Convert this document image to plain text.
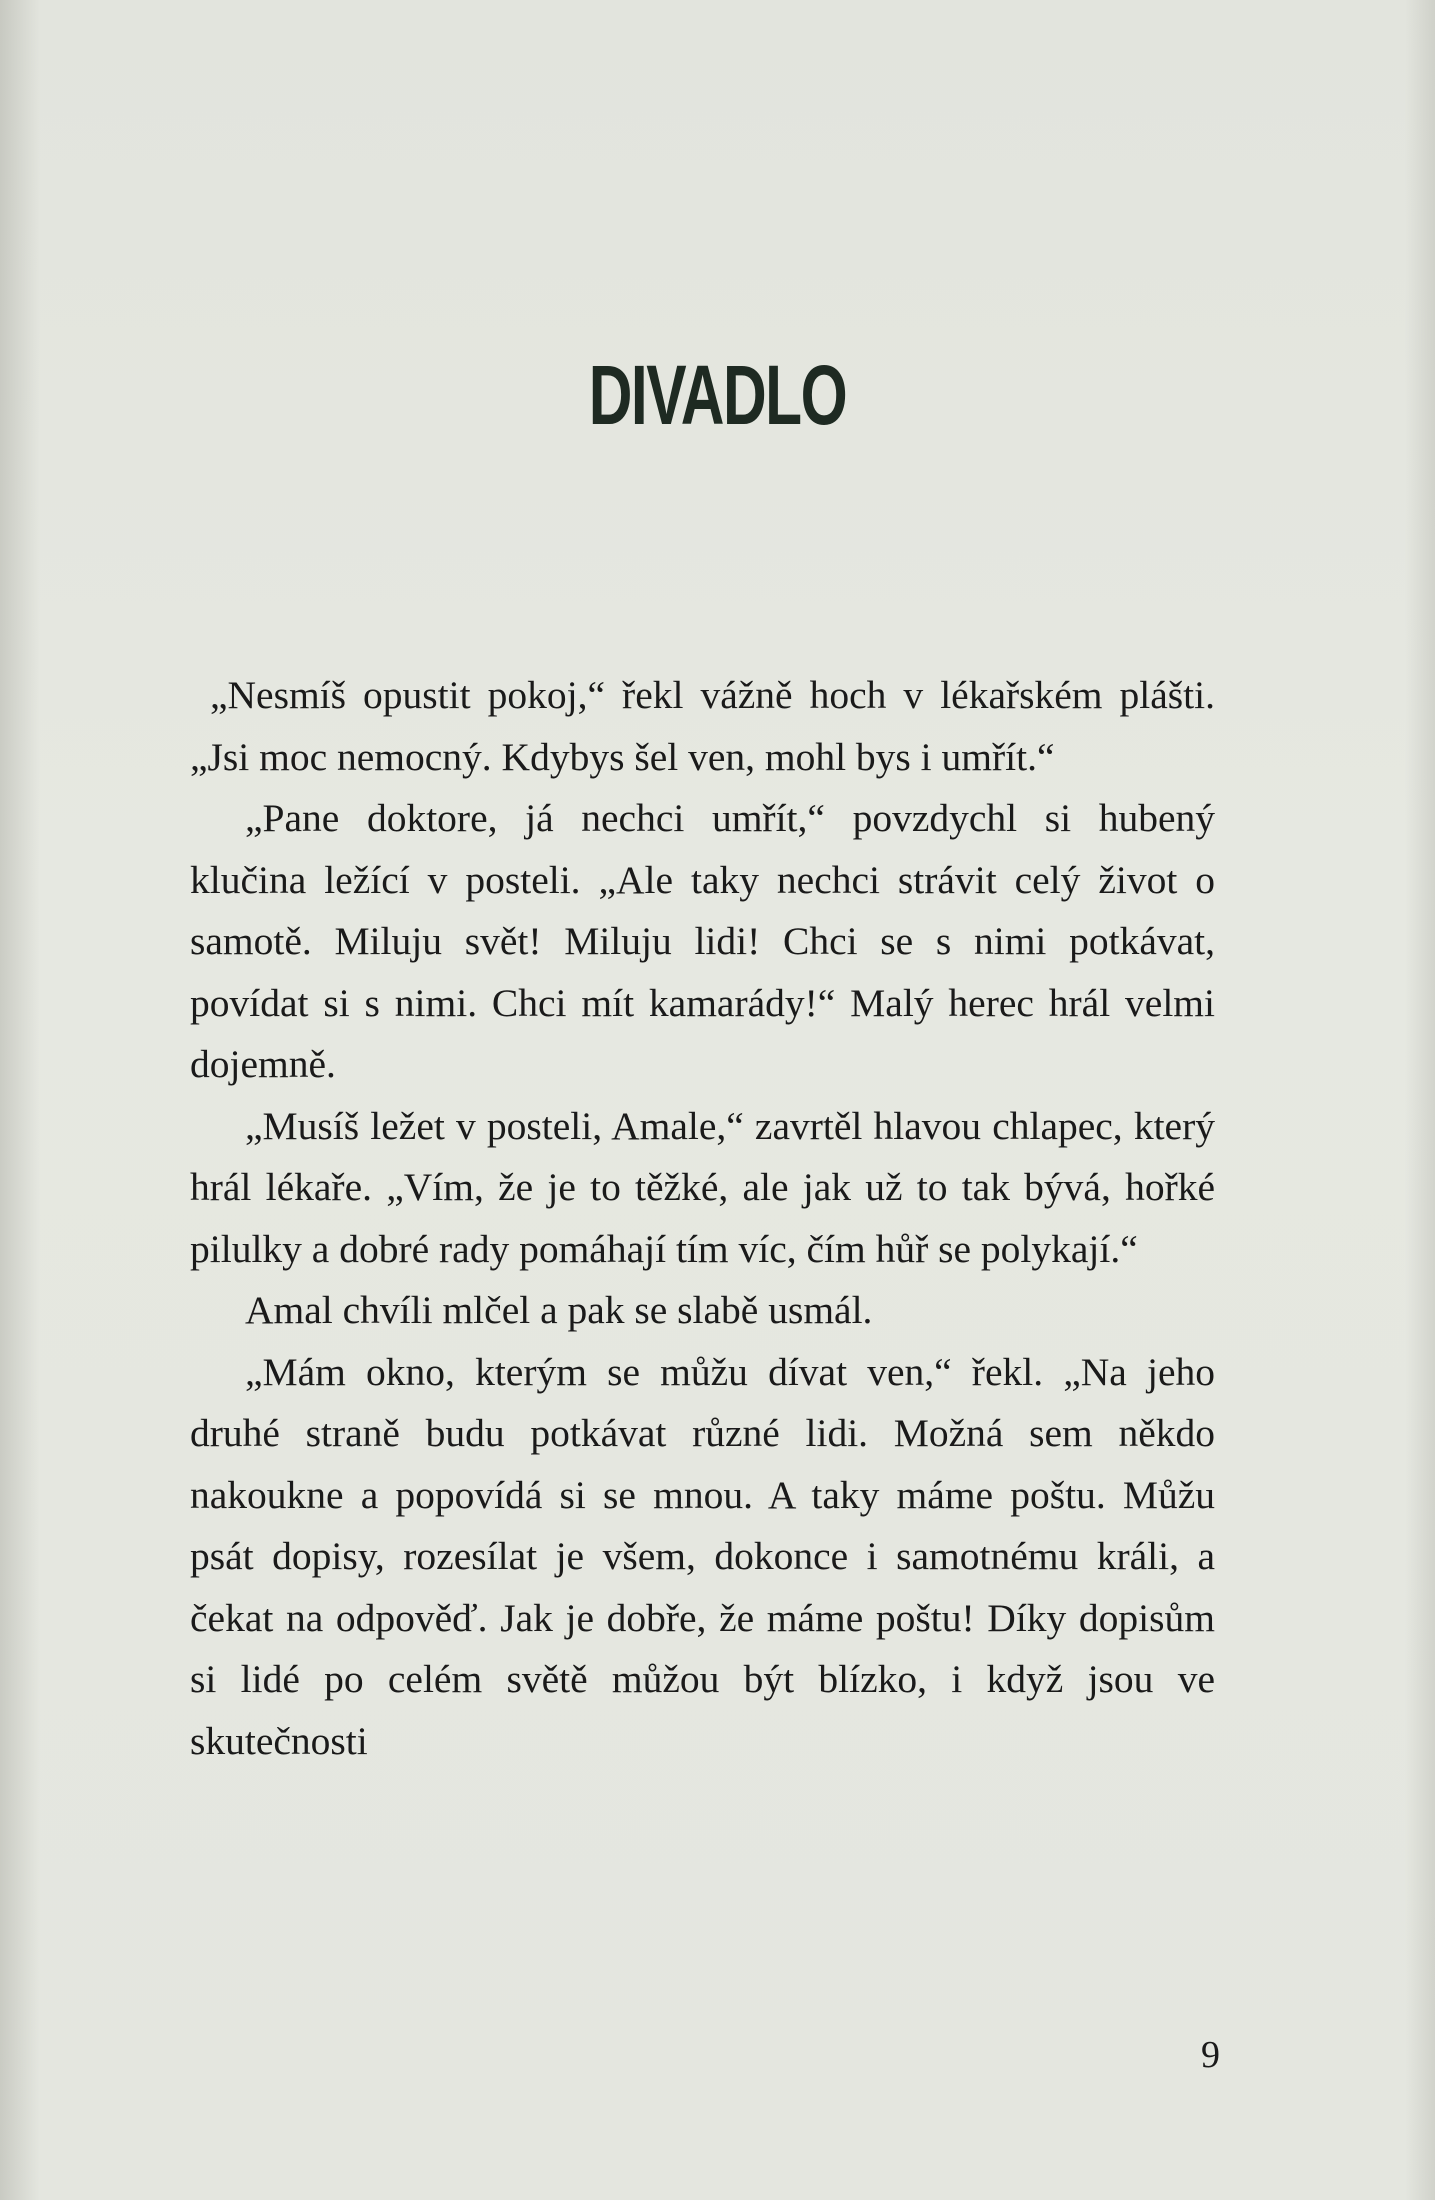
DIVADLO

„Nesmíš opustit pokoj,“ řekl vážně hoch v lékařském plášti. „Jsi moc nemocný. Kdybys šel ven, mohl bys i umřít.“

„Pane doktore, já nechci umřít,“ povzdychl si hubený klučina ležící v posteli. „Ale taky nechci strávit celý život o samotě. Miluju svět! Miluju lidi! Chci se s nimi potkávat, povídat si s nimi. Chci mít kamarády!“ Malý herec hrál velmi dojemně.

„Musíš ležet v posteli, Amale,“ zavrtěl hlavou chlapec, který hrál lékaře. „Vím, že je to těžké, ale jak už to tak bývá, hořké pilulky a dobré rady pomáhají tím víc, čím hůř se polykají.“

Amal chvíli mlčel a pak se slabě usmál.

„Mám okno, kterým se můžu dívat ven,“ řekl. „Na jeho druhé straně budu potkávat různé lidi. Možná sem někdo nakoukne a popovídá si se mnou. A taky máme poštu. Můžu psát dopisy, rozesílat je všem, dokonce i samotnému králi, a čekat na odpověď. Jak je dobře, že máme poštu! Díky dopisům si lidé po celém světě můžou být blízko, i když jsou ve skutečnosti

9
